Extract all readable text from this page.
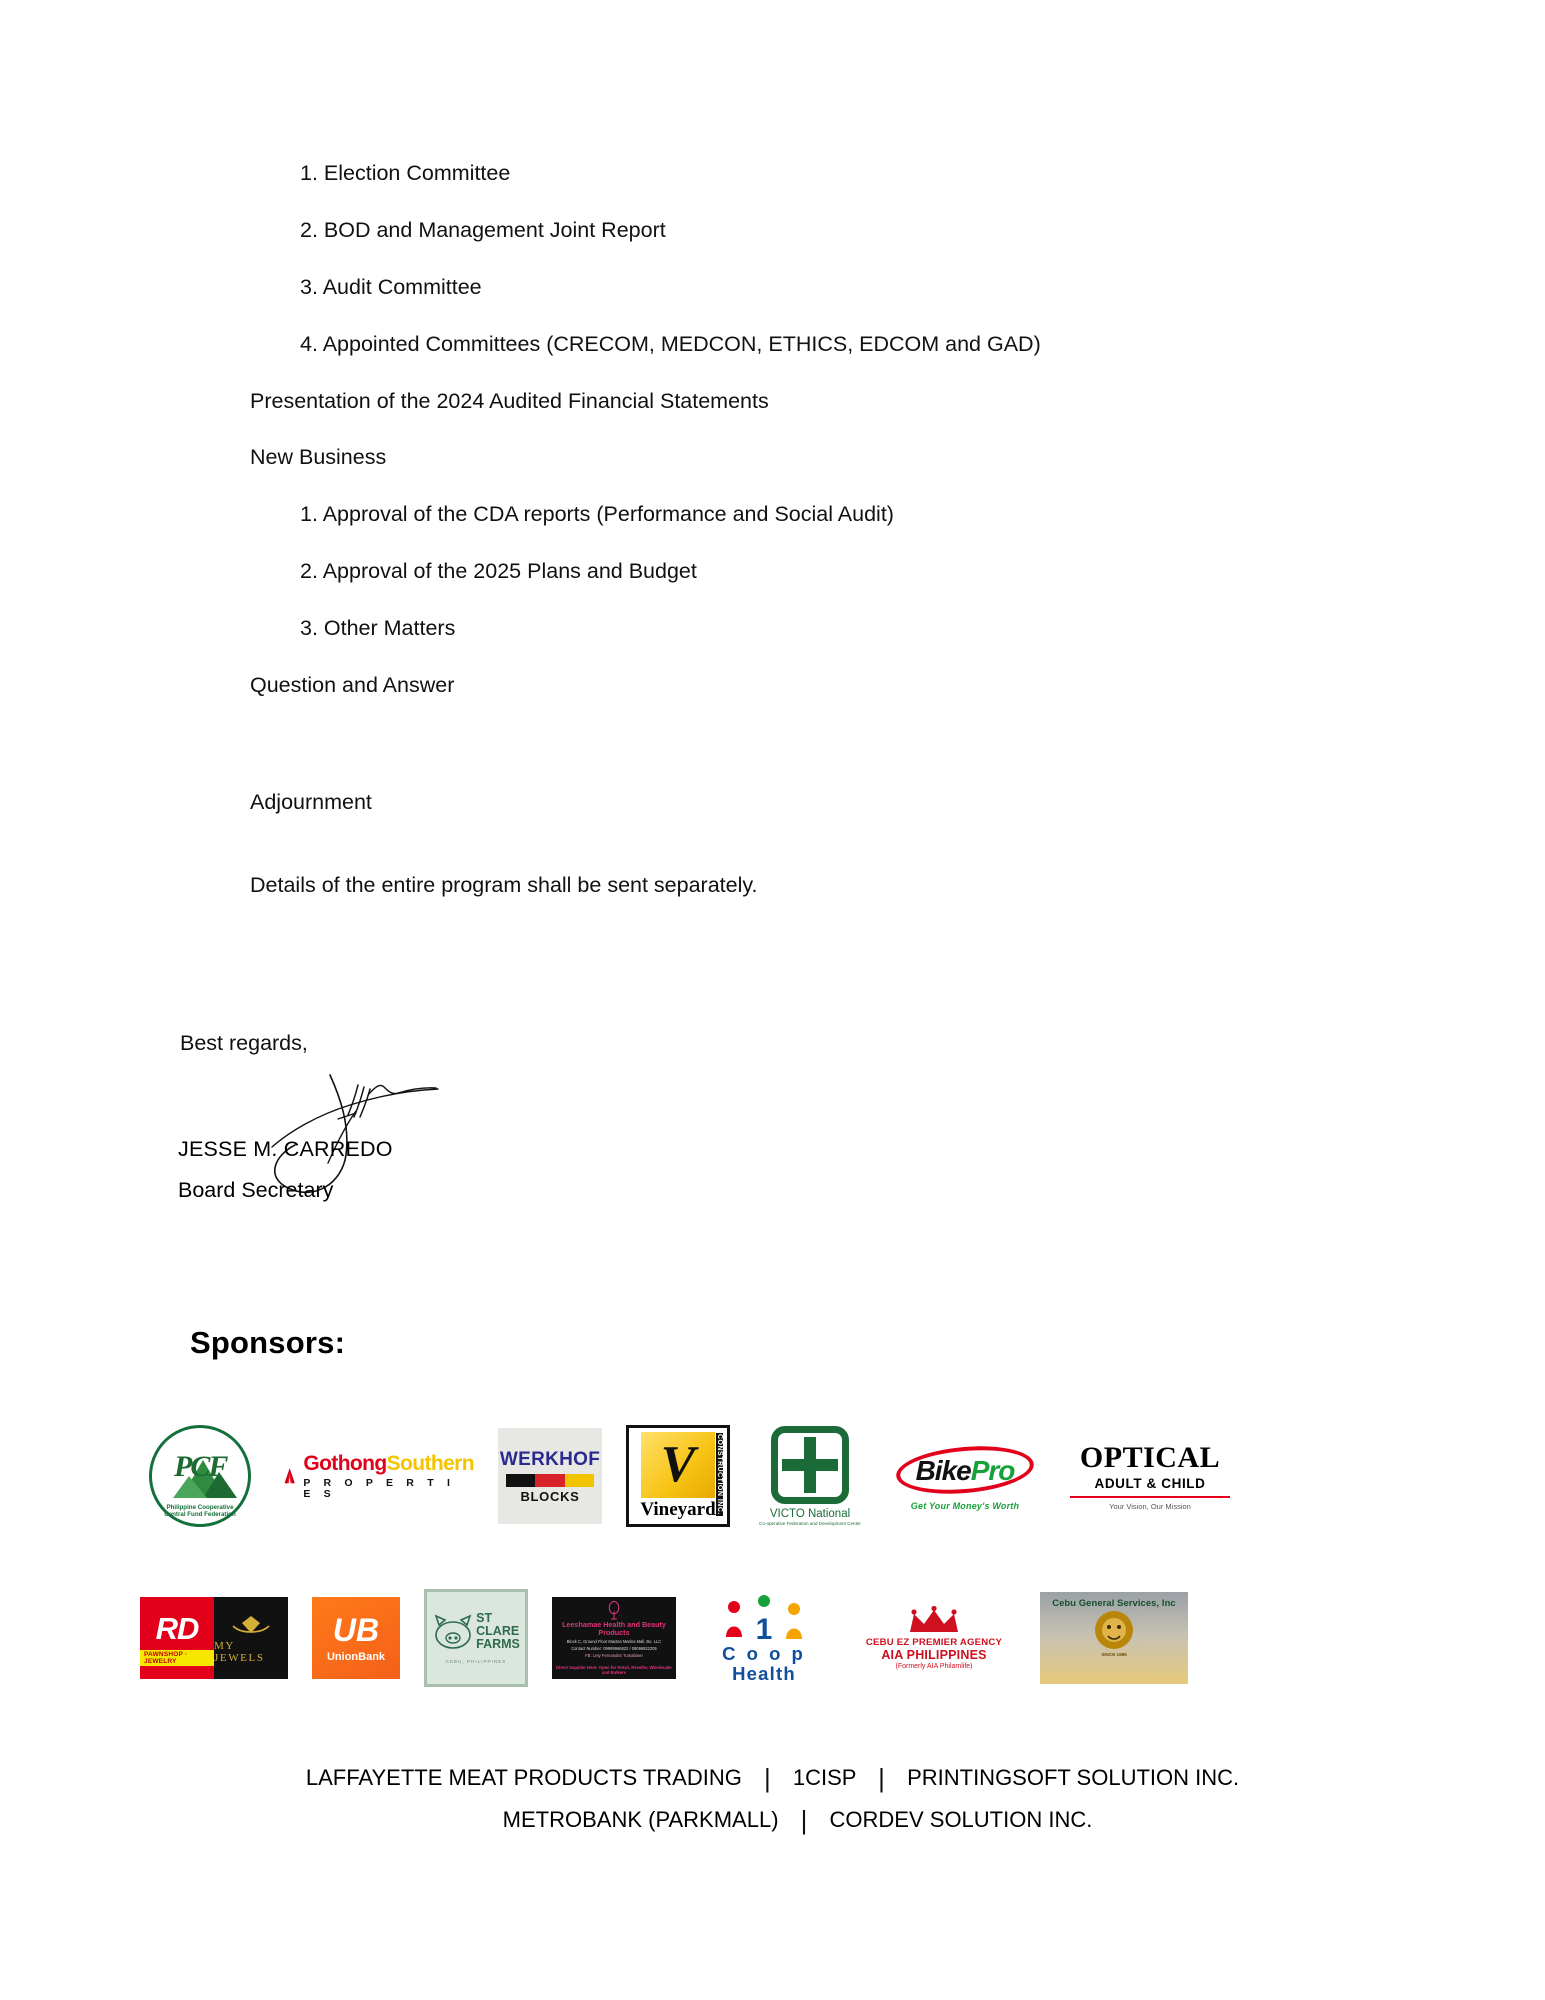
1. Election Committee
2. BOD and Management Joint Report
3. Audit Committee
4. Appointed Committees (CRECOM, MEDCON, ETHICS, EDCOM and GAD)
Presentation of the 2024 Audited Financial Statements
New Business
1. Approval of the CDA reports (Performance and Social Audit)
2. Approval of the 2025 Plans and Budget
3. Other Matters
Question and Answer
Adjournment
Details of the entire program shall be sent separately.
Best regards,
JESSE M. CARREDO
Board Secretary
Sponsors:
PCF
Philippine Cooperative
Central Fund Federation
GothongSouthern
P R O P E R T I E S
WERKHOF
BLOCKS
V
Vineyard CONSTRUCTION INC.	VICTO National
Co-operative Federation and Development Center
BikePro
Get Your Money's Worth
OPTICAL
ADULT & CHILD
Your Vision, Our Mission
RD
PAWNSHOP · JEWELRY
MY JEWELS
UB
UnionBank
ST
CLARE
FARMS
CEBU, PHILIPPINES
Leeshamae Health and Beauty Products
Block C, Ground Floor Mactan Marina Mall, Bo. LLC
Contact Number: 09999966822 / 09096822205
FB: Lety Fernandez Tumabiner
Direct Supplier Here: Open for Retail, Reseller, Wholesaler and Bulkers
1
C o o p
Health
CEBU EZ PREMIER AGENCY
AIA PHILIPPINES
(Formerly AIA Philamlife)
Cebu General Services, Inc
SINCE 1986
LAFFAYETTE MEAT PRODUCTS TRADING | 1CISP | PRINTINGSOFT SOLUTION INC.
METROBANK (PARKMALL) | CORDEV SOLUTION INC.
